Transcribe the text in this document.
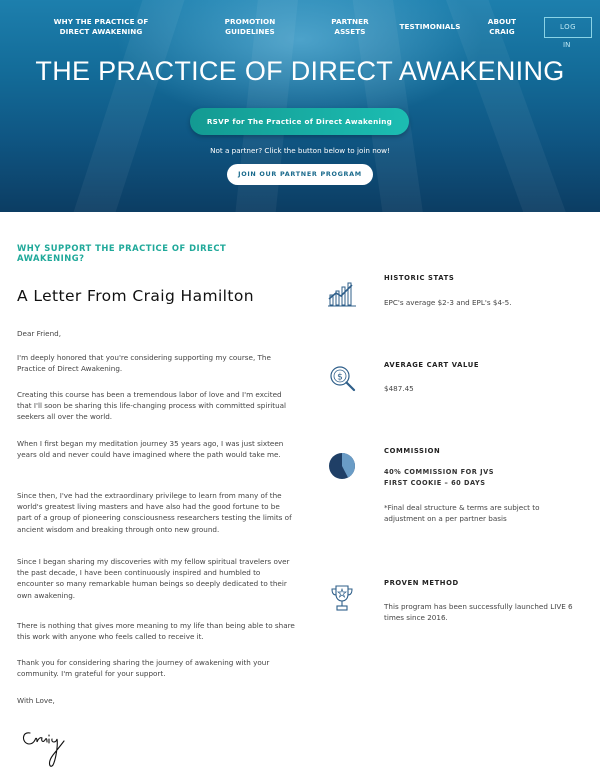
WHY THE PRACTICE OF DIRECT AWAKENING
PROMOTION GUIDELINES
PARTNER ASSETS	TESTIMONIALS
ABOUT CRAIG	LOG
IN
THE PRACTICE OF DIRECT AWAKENING
RSVP for The Practice of Direct Awakening
Not a partner? Click the button below to join now!
JOIN OUR PARTNER PROGRAM
WHY SUPPORT THE PRACTICE OF DIRECT AWAKENING?
A Letter From Craig Hamilton
Dear Friend,
I'm deeply honored that you're considering supporting my course, The Practice of Direct Awakening.
Creating this course has been a tremendous labor of love and I'm excited that I'll soon be sharing this life-changing process with committed spiritual seekers all over the world.
When I first began my meditation journey 35 years ago, I was just sixteen years old and never could have imagined where the path would take me.
Since then, I've had the extraordinary privilege to learn from many of the world's greatest living masters and have also had the good fortune to be part of a group of pioneering consciousness researchers testing the limits of ancient wisdom and breaking through onto new ground.
Since I began sharing my discoveries with my fellow spiritual travelers over the past decade, I have been continuously inspired and humbled to encounter so many remarkable human beings so deeply dedicated to their own awakening.
There is nothing that gives more meaning to my life than being able to share this work with anyone who feels called to receive it.
Thank you for considering sharing the journey of awakening with your community. I'm grateful for your support.
With Love,
HISTORIC STATS
EPC's average $2-3 and EPL's $4-5.
$
AVERAGE CART VALUE
$487.45
COMMISSION
40% COMMISSION FOR JVS
FIRST COOKIE – 60 DAYS
*Final deal structure & terms are subject to adjustment on a per partner basis
PROVEN METHOD
This program has been successfully launched LIVE 6 times since 2016.
